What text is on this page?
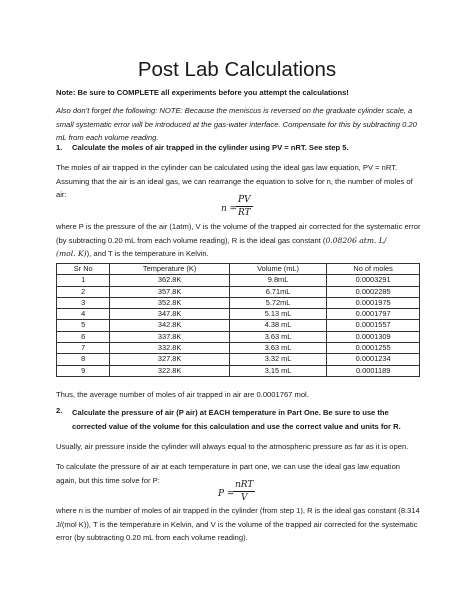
Post Lab Calculations
Note: Be sure to COMPLETE all experiments before you attempt the calculations!
Also don’t forget the following: NOTE: Because the meniscus is reversed on the graduate cylinder scale, a small systematic error will be introduced at the gas-water interface. Compensate for this by subtracting 0.20 mL from each volume reading.
1. Calculate the moles of air trapped in the cylinder using PV = nRT. See step 5.
The moles of air trapped in the cylinder can be calculated using the ideal gas law equation, PV = nRT. Assuming that the air is an ideal gas, we can rearrange the equation to solve for n, the number of moles of air:
n =
$\frac{PV}{RT}$
where P is the pressure of the air (1atm), V is the volume of the trapped air corrected for the systematic error (by subtracting 0.20 mL from each volume reading), R is the ideal gas constant (0.08206 atm. L/
(mol. K)), and T is the temperature in Kelvin.
Sr No	Temperature (K)	Volume (mL)	No of moles
1	362.8K	9.8mL	0.0003291
2	357.8K	6.71mL	0.0002285
3	352.8K	5.72mL	0.0001975
4	347.8K	5.13 mL	0.0001797
5	342.8K	4.38 mL	0.0001557
6	337.8K	3.63 mL	0.0001309
7	332.8K	3.63 mL	0.0001255
8	327.8K	3.32 mL	0.0001234
9	322.8K	3.15 mL	0.0001189
Thus, the average number of moles of air trapped in air are 0.0001767 mol.
2. Calculate the pressure of air (P air) at EACH temperature in Part One. Be sure to use the corrected value of the volume for this calculation and use the correct value and units for R.
Usually, air pressure inside the cylinder will always equal to the atmospheric pressure as far as it is open.
To calculate the pressure of air at each temperature in part one, we can use the ideal gas law equation again, but this time solve for P:
P =
nRT
V
where n is the number of moles of air trapped in the cylinder (from step 1), R is the ideal gas constant (8.314 J/(mol K)), T is the temperature in Kelvin, and V is the volume of the trapped air corrected for the systematic error (by subtracting 0.20 mL from each volume reading).
